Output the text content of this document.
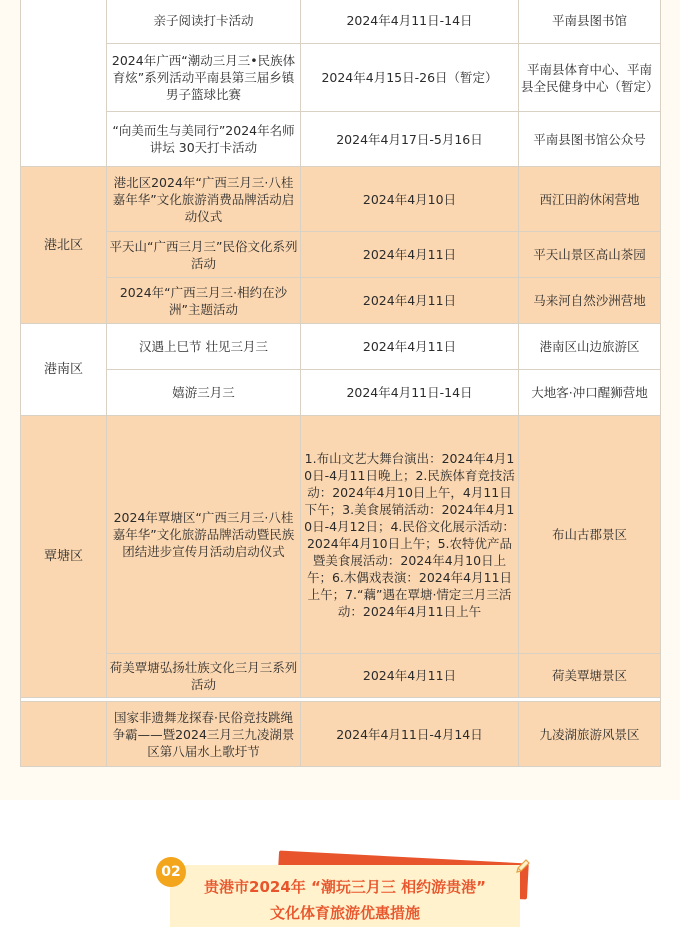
	亲子阅读打卡活动	2024年4月11日-14日	平南县图书馆
	2024年广西“潮动三月三•民族体育炫”系列活动平南县第三届乡镇男子篮球比赛	2024年4月15日-26日（暂定）	平南县体育中心、平南县全民健身中心（暂定）
	“向美而生与美同行”2024年名师讲坛 30天打卡活动	2024年4月17日-5月16日	平南县图书馆公众号
港北区	港北区2024年“广西三月三·八桂嘉年华”文化旅游消费品牌活动启动仪式	2024年4月10日	西江田韵休闲营地
	平天山“广西三月三”民俗文化系列活动	2024年4月11日	平天山景区高山茶园
	2024年“广西三月三·相约在沙洲”主题活动	2024年4月11日	马来河自然沙洲营地
港南区	汉遇上巳节 壮见三月三	2024年4月11日	港南区山边旅游区
	嬉游三月三	2024年4月11日-14日	大地客·冲口醒狮营地
覃塘区	2024年覃塘区“广西三月三·八桂嘉年华”文化旅游品牌活动暨民族团结进步宣传月活动启动仪式	1.布山文艺大舞台演出：2024年4月10日-4月11日晚上；2.民族体育竞技活动：2024年4月10日上午，4月11日下午；3.美食展销活动：2024年4月10日-4月12日；4.民俗文化展示活动：2024年4月10日上午；5.农特优产品暨美食展活动：2024年4月10日上午；6.木偶戏表演：2024年4月11日上午；7.“藕”遇在覃塘·情定三月三活动：2024年4月11日上午	布山古郡景区
	荷美覃塘弘扬壮族文化三月三系列活动	2024年4月11日	荷美覃塘景区

	国家非遗舞龙探春·民俗竞技跳绳争霸——暨2024三月三九凌湖景区第八届水上歌圩节	2024年4月11日-4月14日	九凌湖旅游风景区
02
贵港市2024年 “潮玩三月三 相约游贵港”
文化体育旅游优惠措施
